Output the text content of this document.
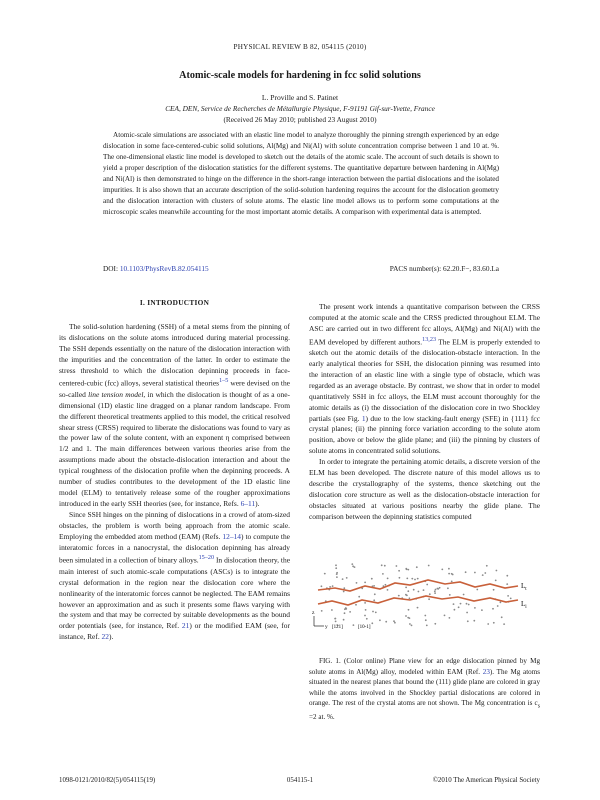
PHYSICAL REVIEW B 82, 054115 (2010)
Atomic-scale models for hardening in fcc solid solutions
L. Proville and S. Patinet
CEA, DEN, Service de Recherches de Métallurgie Physique, F-91191 Gif-sur-Yvette, France
(Received 26 May 2010; published 23 August 2010)

Atomic-scale simulations are associated with an elastic line model to analyze thoroughly the pinning strength experienced by an edge dislocation in some face-centered-cubic solid solutions, Al(Mg) and Ni(Al) with solute concentration comprise between 1 and 10 at. %. The one-dimensional elastic line model is developed to sketch out the details of the atomic scale. The account of such details is shown to yield a proper description of the dislocation statistics for the different systems. The quantitative departure between hardening in Al(Mg) and Ni(Al) is then demonstrated to hinge on the difference in the short-range interaction between the partial dislocations and the isolated impurities. It is also shown that an accurate description of the solid-solution hardening requires the account for the dislocation geometry and the dislocation interaction with clusters of solute atoms. The elastic line model allows us to perform some computations at the microscopic scales meanwhile accounting for the most important atomic details. A comparison with experimental data is attempted.

DOI: 10.1103/PhysRevB.82.054115	PACS number(s): 62.20.F−, 83.60.La

I. INTRODUCTION

The solid-solution hardening (SSH) of a metal stems from the pinning of its dislocations on the solute atoms introduced during material processing. The SSH depends essentially on the nature of the dislocation interaction with the impurities and the concentration of the latter. In order to estimate the stress threshold to which the dislocation depinning proceeds in face-centered-cubic (fcc) alloys, several statistical theories$^{1-5}$ were devised on the so-called line tension model, in which the dislocation is thought of as a one-dimensional (1D) elastic line dragged on a planar random landscape. From the different theoretical treatments applied to this model, the critical resolved shear stress (CRSS) required to liberate the dislocations was found to vary as the power law of the solute content, with an exponent η comprised between 1/2 and 1. The main differences between various theories arise from the assumptions made about the obstacle-dislocation interaction and about the typical roughness of the dislocation profile when the depinning proceeds. A number of studies contributes to the development of the 1D elastic line model (ELM) to tentatively release some of the rougher approximations introduced in the early SSH theories (see, for instance, Refs. 6–11).

Since SSH hinges on the pinning of dislocations in a crowd of atom-sized obstacles, the problem is worth being approach from the atomic scale. Employing the embedded atom method (EAM) (Refs. 12–14) to compute the interatomic forces in a nanocrystal, the dislocation depinning has already been simulated in a collection of binary alloys.$^{15-20}$ In dislocation theory, the main interest of such atomic-scale computations (ASCs) is to integrate the crystal deformation in the region near the dislocation core where the nonlinearity of the interatomic forces cannot be neglected. The EAM remains however an approximation and as such it presents some flaws varying with the system and that may be corrected by suitable developments as the bound order potentials (see, for instance, Ref. 21) or the modified EAM (see, for instance, Ref. 22).

The present work intends a quantitative comparison between the CRSS computed at the atomic scale and the CRSS predicted throughout ELM. The ASC are carried out in two different fcc alloys, Al(Mg) and Ni(Al) with the EAM developed by different authors.$^{13,23}$ The ELM is properly extended to sketch out the atomic details of the dislocation-obstacle interaction. In the early analytical theories for SSH, the dislocation pinning was resumed into the interaction of an elastic line with a single type of obstacle, which was regarded as an average obstacle. By contrast, we show that in order to model quantitatively SSH in fcc alloys, the ELM must account thoroughly for the atomic details as (i) the dissociation of the dislocation core in two Shockley partials (see Fig. 1) due to the low stacking-fault energy (SFE) in {111} fcc crystal planes; (ii) the pinning force variation according to the solute atom position, above or below the glide plane; and (iii) the pinning by clusters of solute atoms in concentrated solid solutions.

In order to integrate the pertaining atomic details, a discrete version of the ELM has been developed. The discrete nature of this model allows us to describe the crystallography of the systems, thence sketching out the dislocation core structure as well as the dislocation-obstacle interaction for obstacles situated at various positions nearby the glide plane. The comparison between the depinning statistics computed

$L_t$
$L_l$
z
y [121]	[10-1]

FIG. 1. (Color online) Plane view for an edge dislocation pinned by Mg solute atoms in Al(Mg) alloy, modeled within EAM (Ref. 23). The Mg atoms situated in the nearest planes that bound the (111) glide plane are colored in gray while the atoms involved in the Shockley partial dislocations are colored in orange. The rest of the crystal atoms are not shown. The Mg concentration is $c_s =2$ at. %.

1098-0121/2010/82(5)/054115(19)	054115-1	©2010 The American Physical Society
